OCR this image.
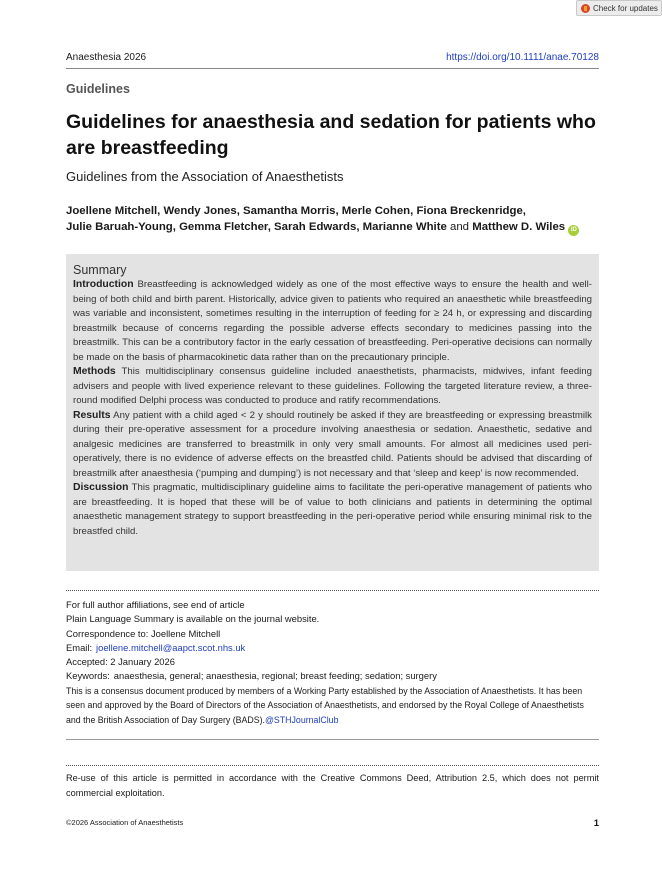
Check for updates
Anaesthesia 2026	https://doi.org/10.1111/anae.70128
Guidelines
Guidelines for anaesthesia and sedation for patients who are breastfeeding
Guidelines from the Association of Anaesthetists
Joellene Mitchell, Wendy Jones, Samantha Morris, Merle Cohen, Fiona Breckenridge,
Julie Baruah-Young, Gemma Fletcher, Sarah Edwards, Marianne White and Matthew D. Wiles iD
Summary

Introduction Breastfeeding is acknowledged widely as one of the most effective ways to ensure the health and well-being of both child and birth parent. Historically, advice given to patients who required an anaesthetic while breastfeeding was variable and inconsistent, sometimes resulting in the interruption of feeding for ≥ 24 h, or expressing and discarding breastmilk because of concerns regarding the possible adverse effects secondary to medicines passing into the breastmilk. This can be a contributory factor in the early cessation of breastfeeding. Peri-operative decisions can normally be made on the basis of pharmacokinetic data rather than on the precautionary principle.

Methods This multidisciplinary consensus guideline included anaesthetists, pharmacists, midwives, infant feeding advisers and people with lived experience relevant to these guidelines. Following the targeted literature review, a three-round modified Delphi process was conducted to produce and ratify recommendations.

Results Any patient with a child aged < 2 y should routinely be asked if they are breastfeeding or expressing breastmilk during their pre-operative assessment for a procedure involving anaesthesia or sedation. Anaesthetic, sedative and analgesic medicines are transferred to breastmilk in only very small amounts. For almost all medicines used peri-operatively, there is no evidence of adverse effects on the breastfed child. Patients should be advised that discarding of breastmilk after anaesthesia (‘pumping and dumping’) is not necessary and that ‘sleep and keep’ is now recommended.

Discussion This pragmatic, multidisciplinary guideline aims to facilitate the peri-operative management of patients who are breastfeeding. It is hoped that these will be of value to both clinicians and patients in determining the optimal anaesthetic management strategy to support breastfeeding in the peri-operative period while ensuring minimal risk to the breastfed child.

For full author affiliations, see end of article
Plain Language Summary is available on the journal website.
Correspondence to: Joellene Mitchell
Email: joellene.mitchell@aapct.scot.nhs.uk
Accepted: 2 January 2026
Keywords: anaesthesia, general; anaesthesia, regional; breast feeding; sedation; surgery
This is a consensus document produced by members of a Working Party established by the Association of Anaesthetists. It has been seen and approved by the Board of Directors of the Association of Anaesthetists, and endorsed by the Royal College of Anaesthetists and the British Association of Day Surgery (BADS).@STHJournalClub

Re-use of this article is permitted in accordance with the Creative Commons Deed, Attribution 2.5, which does not permit commercial exploitation.

©2026 Association of Anaesthetists	1
